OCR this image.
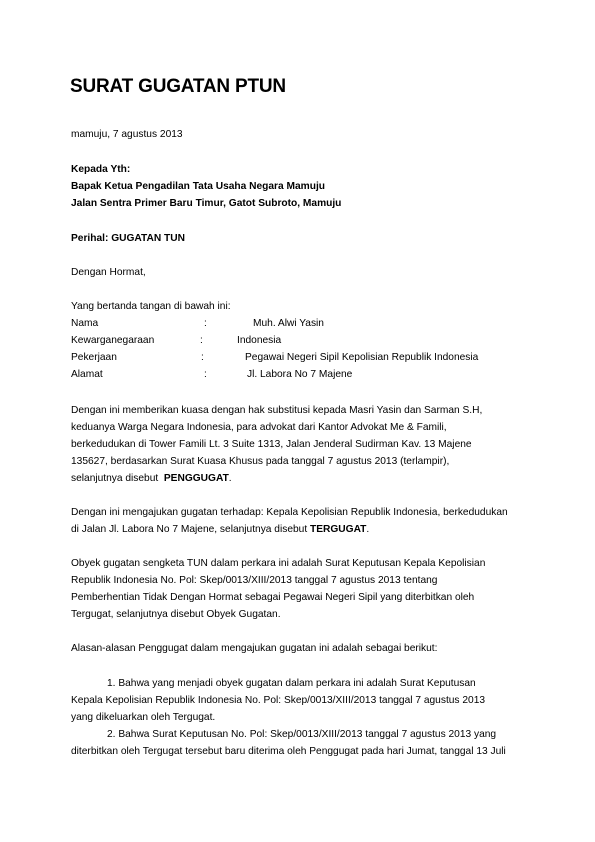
SURAT GUGATAN PTUN
mamuju, 7 agustus 2013
Kepada Yth:
Bapak Ketua Pengadilan Tata Usaha Negara Mamuju
Jalan Sentra Primer Baru Timur, Gatot Subroto, Mamuju
Perihal: GUGATAN TUN
Dengan Hormat,
Yang bertanda tangan di bawah ini:
Nama	:	Muh. Alwi Yasin
Kewarganegaraan	:	Indonesia
Pekerjaan	:	Pegawai Negeri Sipil Kepolisian Republik Indonesia
Alamat	:	Jl. Labora No 7 Majene
Dengan ini memberikan kuasa dengan hak substitusi kepada Masri Yasin dan Sarman S.H,
keduanya Warga Negara Indonesia, para advokat dari Kantor Advokat Me & Famili,
berkedudukan di Tower Famili Lt. 3 Suite 1313, Jalan Jenderal Sudirman Kav. 13 Majene
135627, berdasarkan Surat Kuasa Khusus pada tanggal 7 agustus 2013 (terlampir),
selanjutnya disebut  PENGGUGAT.
Dengan ini mengajukan gugatan terhadap: Kepala Kepolisian Republik Indonesia, berkedudukan
di Jalan Jl. Labora No 7 Majene, selanjutnya disebut TERGUGAT.
Obyek gugatan sengketa TUN dalam perkara ini adalah Surat Keputusan Kepala Kepolisian
Republik Indonesia No. Pol: Skep/0013/XIII/2013 tanggal 7 agustus 2013 tentang
Pemberhentian Tidak Dengan Hormat sebagai Pegawai Negeri Sipil yang diterbitkan oleh
Tergugat, selanjutnya disebut Obyek Gugatan.
Alasan-alasan Penggugat dalam mengajukan gugatan ini adalah sebagai berikut:
1. Bahwa yang menjadi obyek gugatan dalam perkara ini adalah Surat Keputusan
Kepala Kepolisian Republik Indonesia No. Pol: Skep/0013/XIII/2013 tanggal 7 agustus 2013
yang dikeluarkan oleh Tergugat.
2. Bahwa Surat Keputusan No. Pol: Skep/0013/XIII/2013 tanggal 7 agustus 2013 yang
diterbitkan oleh Tergugat tersebut baru diterima oleh Penggugat pada hari Jumat, tanggal 13 Juli
